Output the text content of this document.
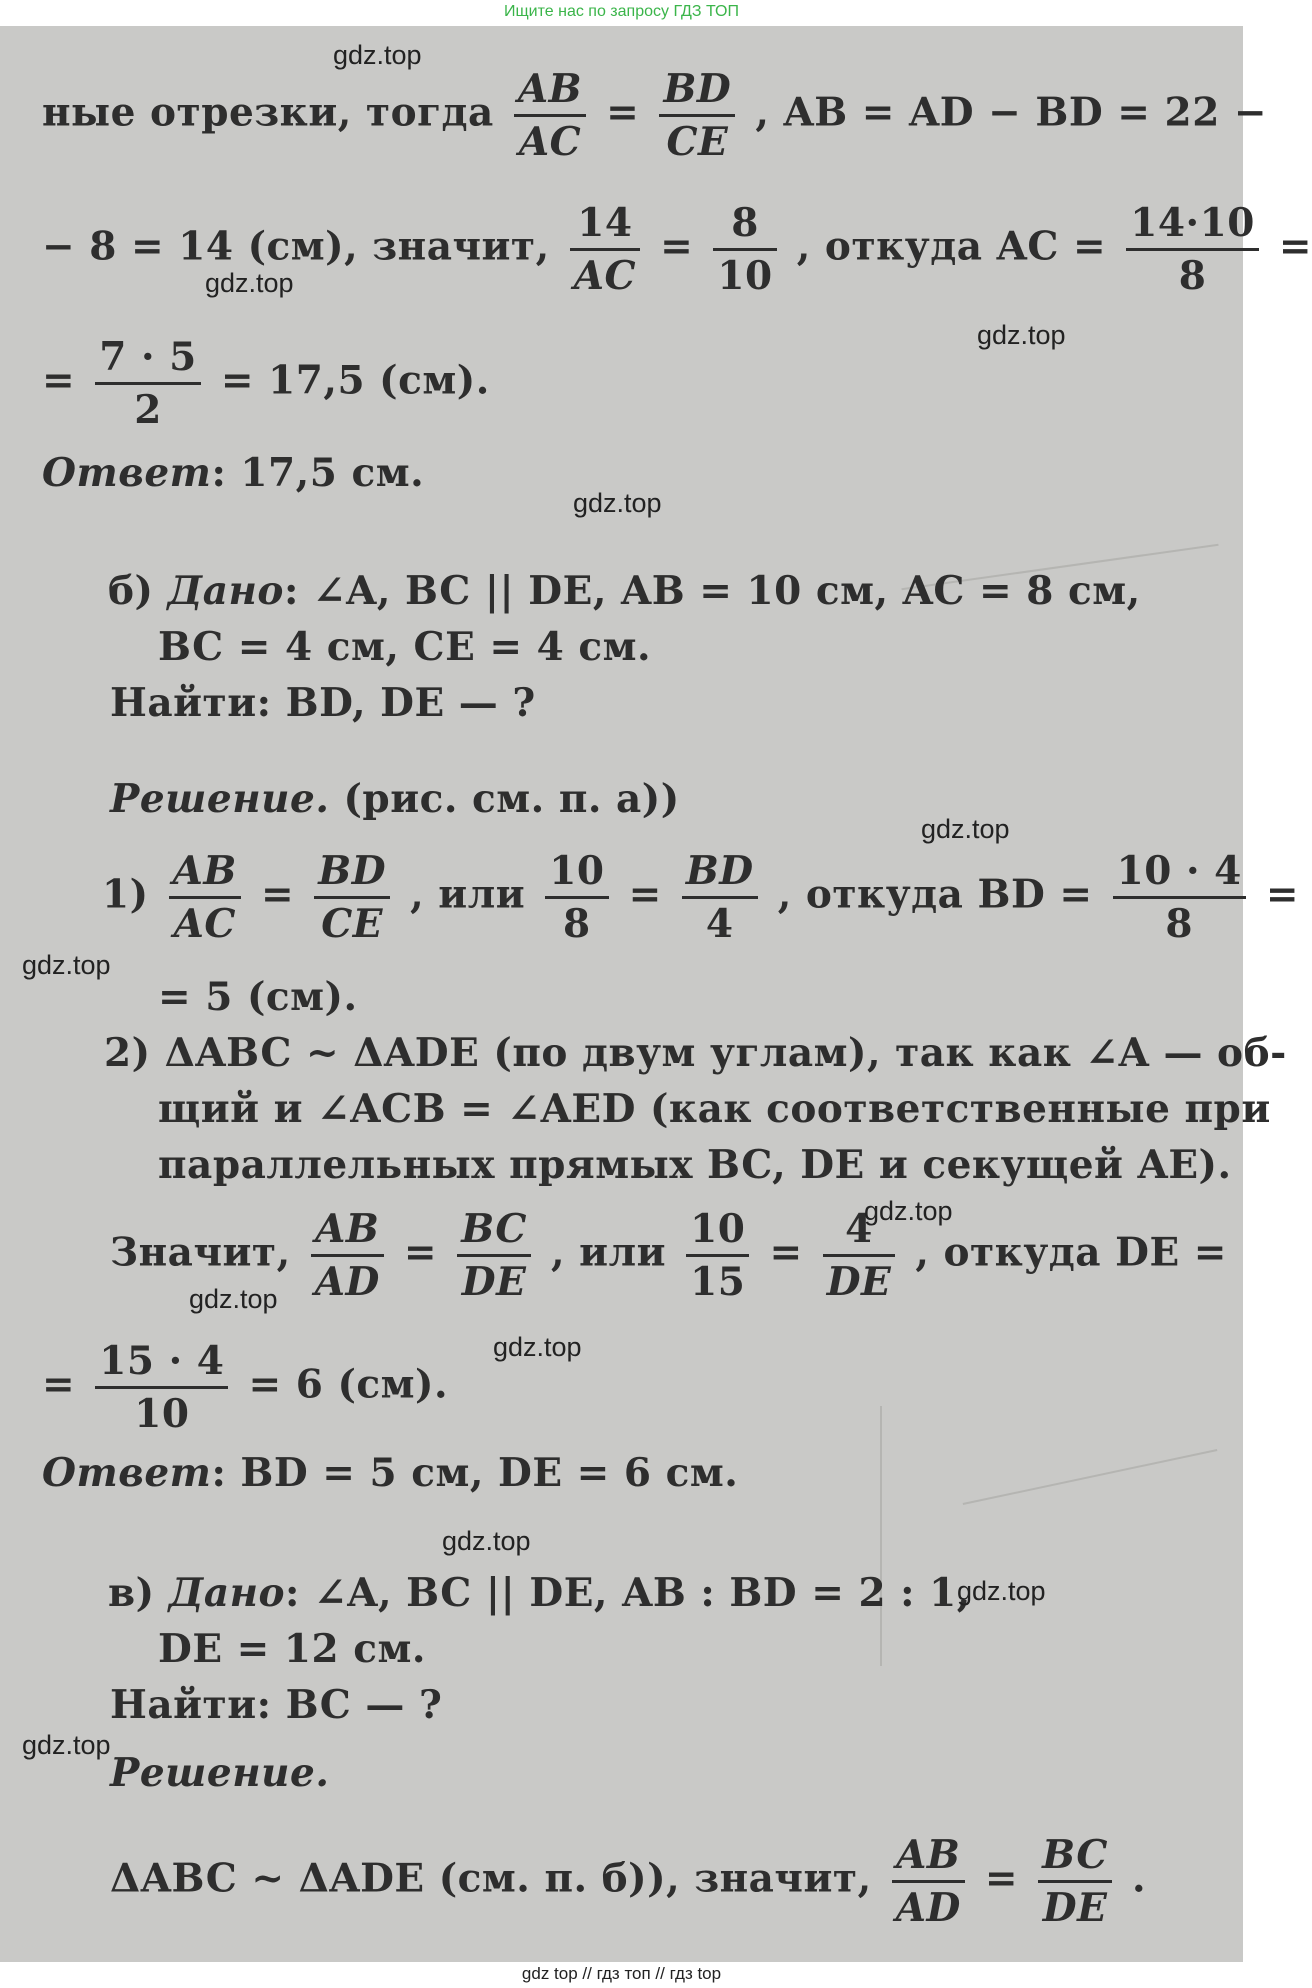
Ищите нас по запросу ГДЗ ТОП
ные отрезки, тогда $\frac{AB}{AC} = \frac{BD}{CE}$ , AB = AD − BD = 22 −
− 8 = 14 (см), значит, $\frac{14}{AC} = \frac{8}{10}$ , откуда AC = $\frac{14\cdot 10}{8}$ =
= $\frac{7 \cdot 5}{2} = 17,5$ (см).
Ответ: 17,5 см.
б) Дано: ∠A, BC || DE, AB = 10 см, AC = 8 см,
BC = 4 см, CE = 4 см.
Найти: BD, DE — ?
Решение. (рис. см. п. а))
$1) \frac{AB}{AC} = \frac{BD}{CE}$ , или $\frac{10}{8} = \frac{BD}{4}$ , откуда BD = $\frac{10 \cdot 4}{8}$ =
= 5 (см).
2) ΔABC ~ ΔADE (по двум углам), так как ∠A — об-
щий и ∠ACB = ∠AED (как соответственные при
параллельных прямых BC, DE и секущей AE).
Значит, $\frac{AB}{AD} = \frac{BC}{DE}$ , или $\frac{10}{15} = \frac{4}{DE}$ , откуда DE =
= $\frac{15 \cdot 4}{10} = 6$ (см).
Ответ: BD = 5 см, DE = 6 см.
в) Дано: ∠A, BC || DE, AB : BD = 2 : 1,
DE = 12 см.
Найти: BC — ?
Решение.
ΔABC ~ ΔADE (см. п. б)), значит, $\frac{AB}{AD} = \frac{BC}{DE}$ .
gdz.top
gdz.top
gdz.top
gdz.top
gdz.top
gdz.top
gdz.top
gdz.top
gdz.top
gdz.top
gdz.top
gdz.top
gdz top // гдз топ // гдз top
